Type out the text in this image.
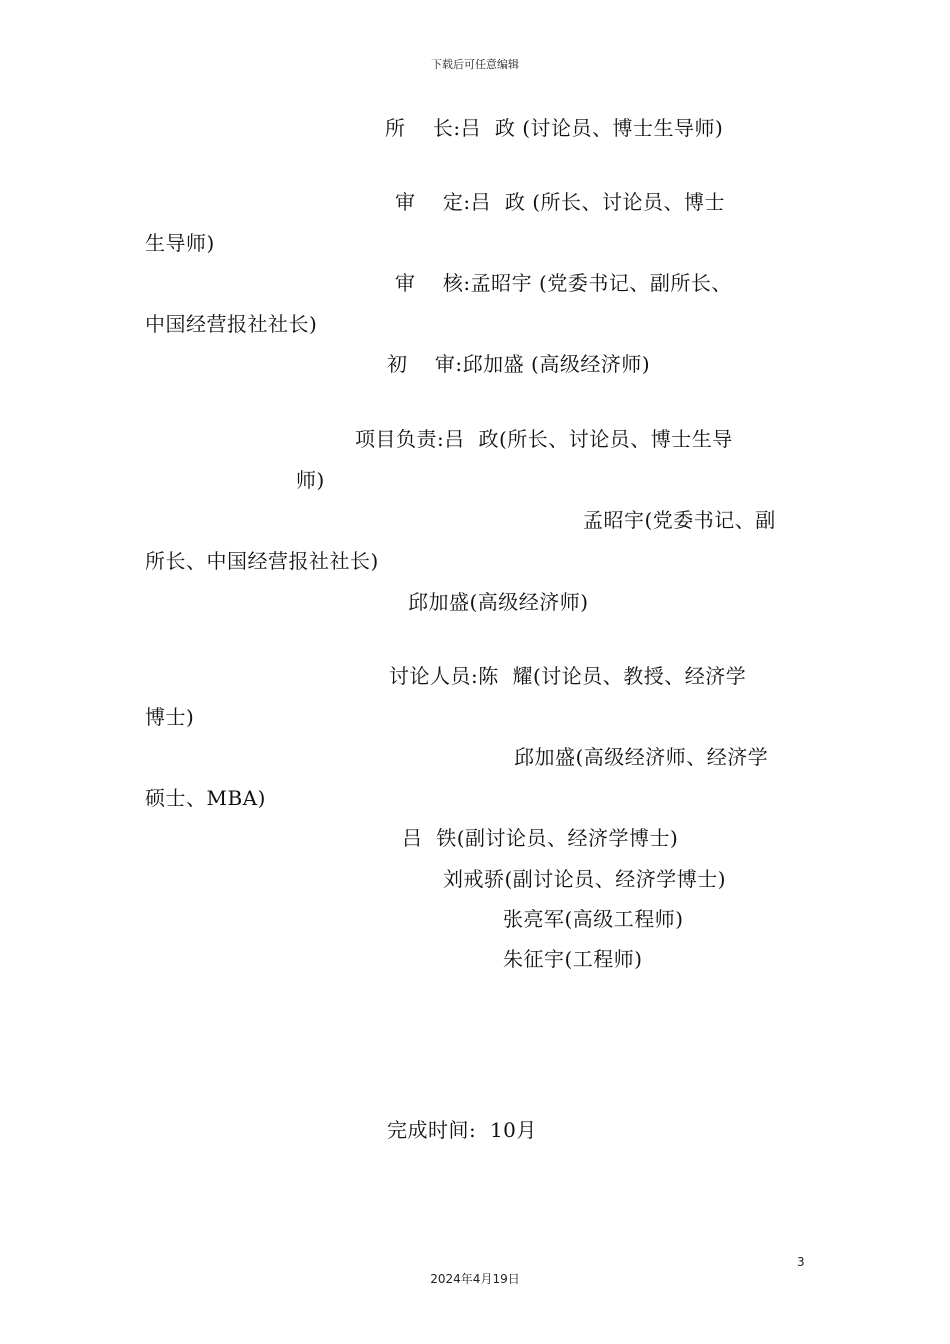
下载后可任意编辑
所    长:吕  政 (讨论员、博士生导师)
审    定:吕  政 (所长、讨论员、博士
生导师)
审    核:孟昭宇 (党委书记、副所长、
中国经营报社社长)
初    审:邱加盛 (高级经济师)
项目负责:吕  政(所长、讨论员、博士生导
师)
孟昭宇(党委书记、副
所长、中国经营报社社长)
邱加盛(高级经济师)
讨论人员:陈  耀(讨论员、教授、经济学
博士)
邱加盛(高级经济师、经济学
硕士、MBA)
吕  铁(副讨论员、经济学博士)
刘戒骄(副讨论员、经济学博士)
张亮军(高级工程师)
朱征宇(工程师)
完成时间:  10月
3
2024年4月19日
